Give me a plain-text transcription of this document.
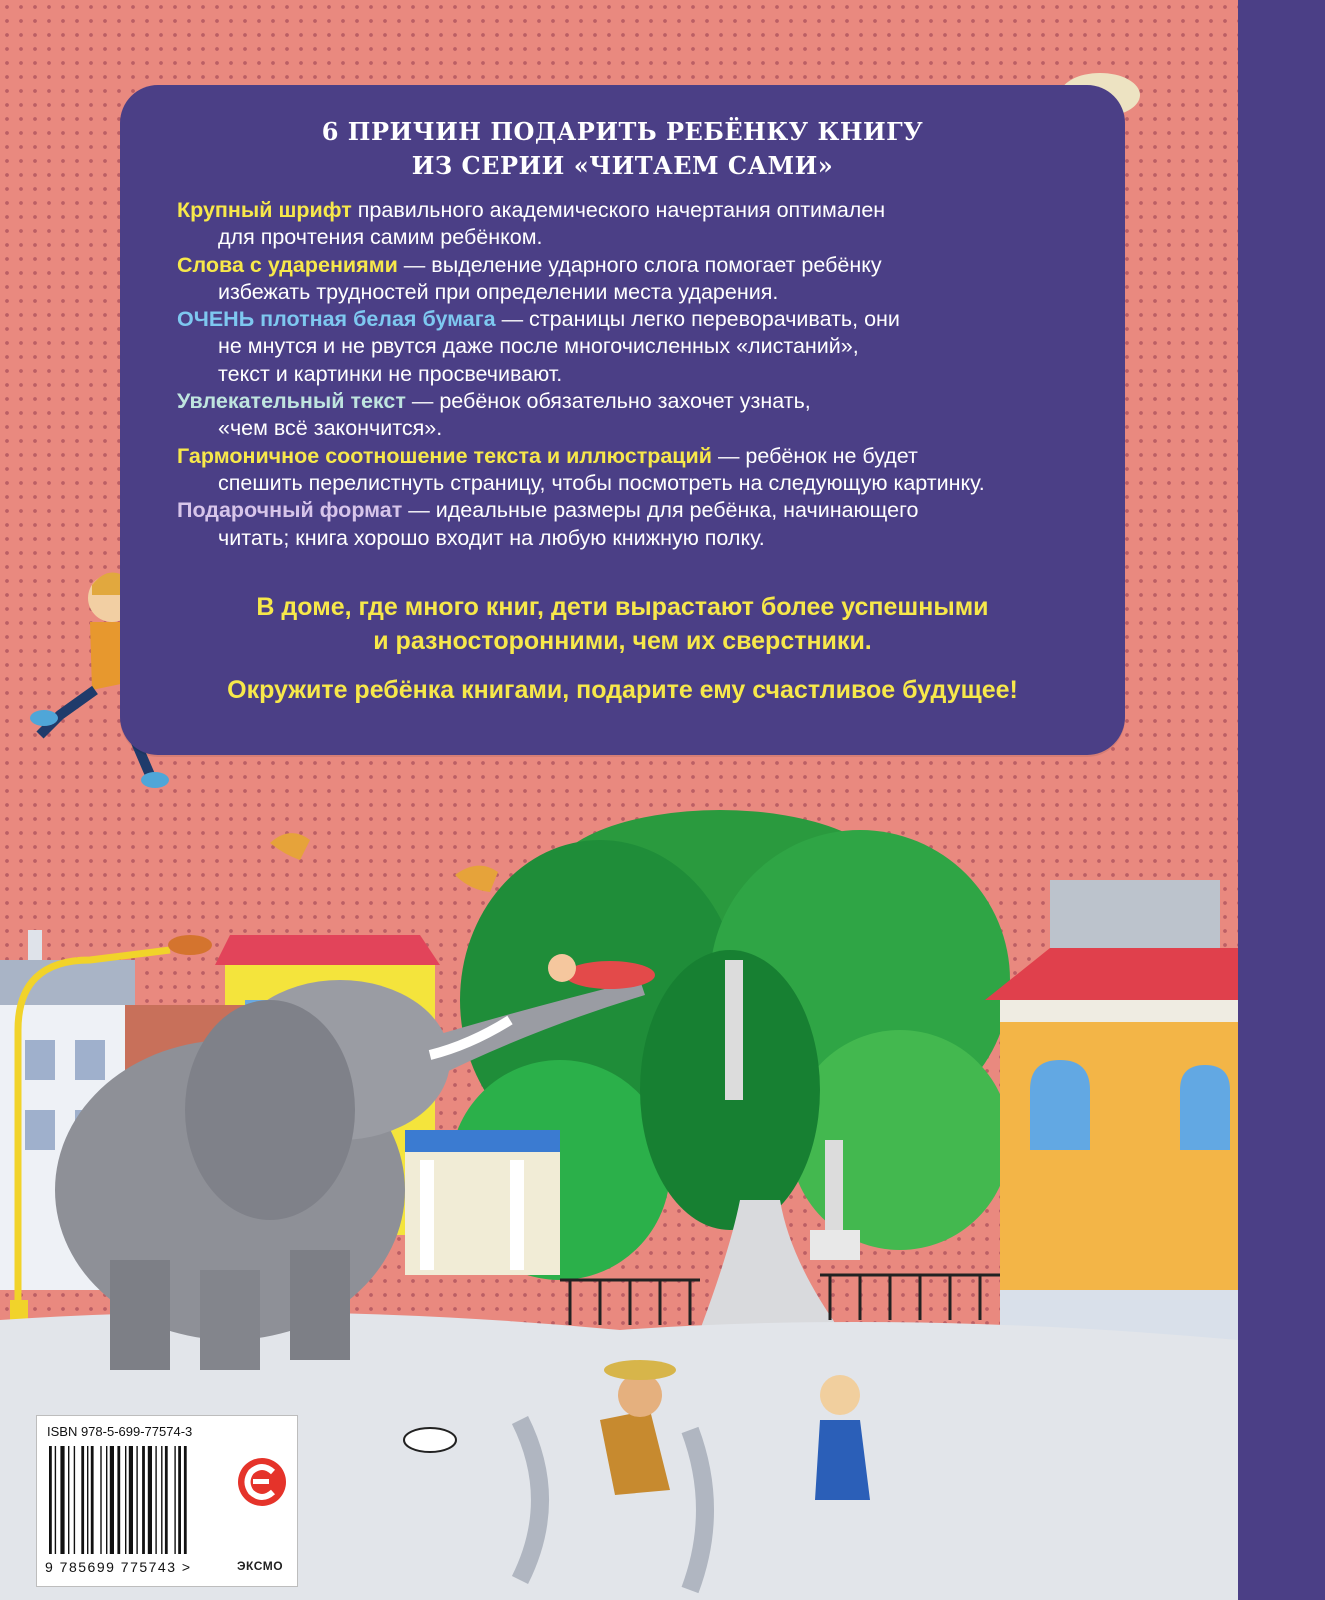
6 ПРИЧИН ПОДАРИТЬ РЕБЁНКУ КНИГУ
ИЗ СЕРИИ «ЧИТАЕМ САМИ»

Крупный шрифт правильного академического начертания оптимален
для прочтения самим ребёнком.

Слова с ударениями — выделение ударного слога помогает ребёнку
избежать трудностей при определении места ударения.

ОЧЕНЬ плотная белая бумага — страницы легко переворачивать, они
не мнутся и не рвутся даже после многочисленных «листаний»,
текст и картинки не просвечивают.

Увлекательный текст — ребёнок обязательно захочет узнать,
«чем всё закончится».

Гармоничное соотношение текста и иллюстраций — ребёнок не будет
спешить перелистнуть страницу, чтобы посмотреть на следующую картинку.

Подарочный формат — идеальные размеры для ребёнка, начинающего
читать; книга хорошо входит на любую книжную полку.

В доме, где много книг, дети вырастают более успешными

и разносторонними, чем их сверстники.

Окружите ребёнка книгами, подарите ему счастливое будущее!

ISBN 978-5-699-77574-3
9 785699 775743 >	ЭКСМО
